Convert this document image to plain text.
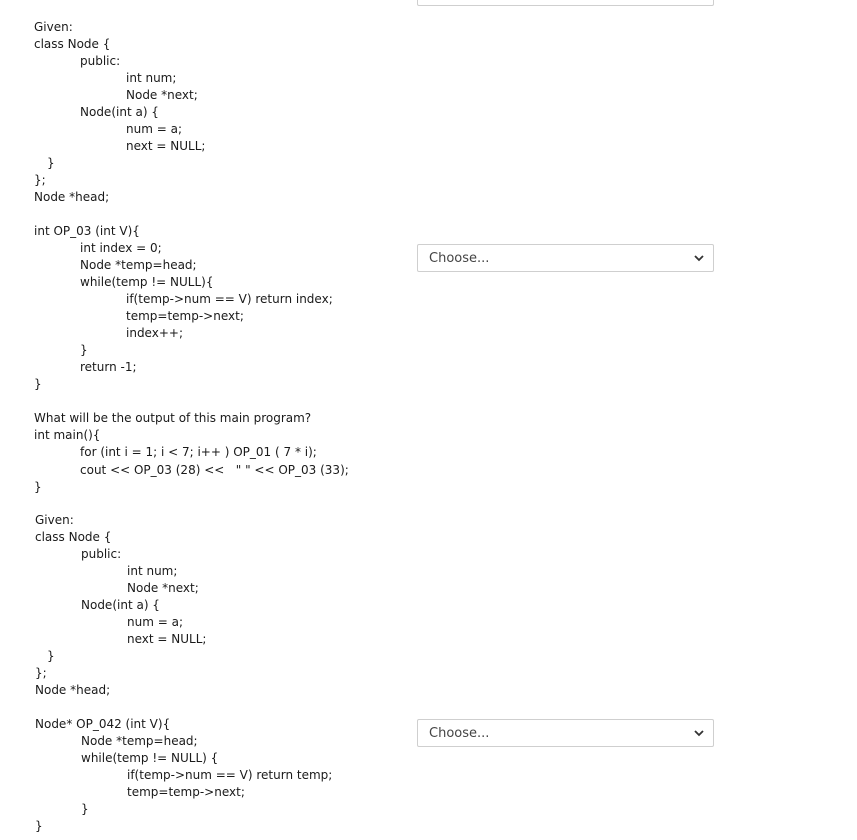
Given:
class Node {
public:
int num;
Node *next;
Node(int a) {
num = a;
next = NULL;
}
};
Node *head;
int OP_03 (int V){
int index = 0;
Node *temp=head;
while(temp != NULL){
if(temp->num == V) return index;
temp=temp->next;
index++;
}
return -1;
}
What will be the output of this main program?
int main(){
for (int i = 1; i < 7; i++ ) OP_01 ( 7 * i);
cout << OP_03 (28) <<   " " << OP_03 (33);
}
Choose...
Given:
class Node {
public:
int num;
Node *next;
Node(int a) {
num = a;
next = NULL;
}
};
Node *head;
Node* OP_042 (int V){
Node *temp=head;
while(temp != NULL) {
if(temp->num == V) return temp;
temp=temp->next;
}
}
Choose...
